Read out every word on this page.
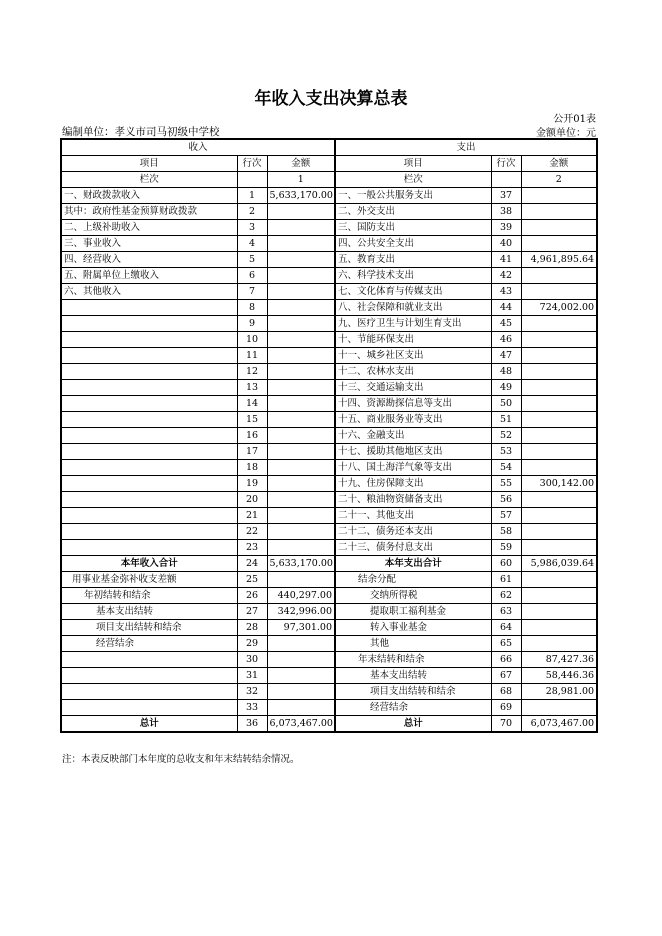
年收入支出决算总表
公开01表
编制单位：孝义市司马初级中学校	金额单位：元
收入			支出		
项目	行次	金额	项目	行次	金额
栏次		1	栏次		2
一、财政拨款收入	1	5,633,170.00	一、一般公共服务支出	37	
其中：政府性基金预算财政拨款	2		二、外交支出	38	
二、上级补助收入	3		三、国防支出	39	
三、事业收入	4		四、公共安全支出	40	
四、经营收入	5		五、教育支出	41	4,961,895.64
五、附属单位上缴收入	6		六、科学技术支出	42	
六、其他收入	7		七、文化体育与传媒支出	43	
	8		八、社会保障和就业支出	44	724,002.00
	9		九、医疗卫生与计划生育支出	45	
	10		十、节能环保支出	46	
	11		十一、城乡社区支出	47	
	12		十二、农林水支出	48	
	13		十三、交通运输支出	49	
	14		十四、资源勘探信息等支出	50	
	15		十五、商业服务业等支出	51	
	16		十六、金融支出	52	
	17		十七、援助其他地区支出	53	
	18		十八、国土海洋气象等支出	54	
	19		十九、住房保障支出	55	300,142.00
	20		二十、粮油物资储备支出	56	
	21		二十一、其他支出	57	
	22		二十二、债务还本支出	58	
	23		二十三、债务付息支出	59	
本年收入合计	24	5,633,170.00	本年支出合计	60	5,986,039.64
用事业基金弥补收支差额	25		结余分配	61	
年初结转和结余	26	440,297.00	交纳所得税	62	
基本支出结转	27	342,996.00	提取职工福利基金	63	
项目支出结转和结余	28	97,301.00	转入事业基金	64	
经营结余	29		其他	65	
	30		年末结转和结余	66	87,427.36
	31		基本支出结转	67	58,446.36
	32		项目支出结转和结余	68	28,981.00
	33		经营结余	69	
总计	36	6,073,467.00	总计	70	6,073,467.00
注：本表反映部门本年度的总收支和年末结转结余情况。
